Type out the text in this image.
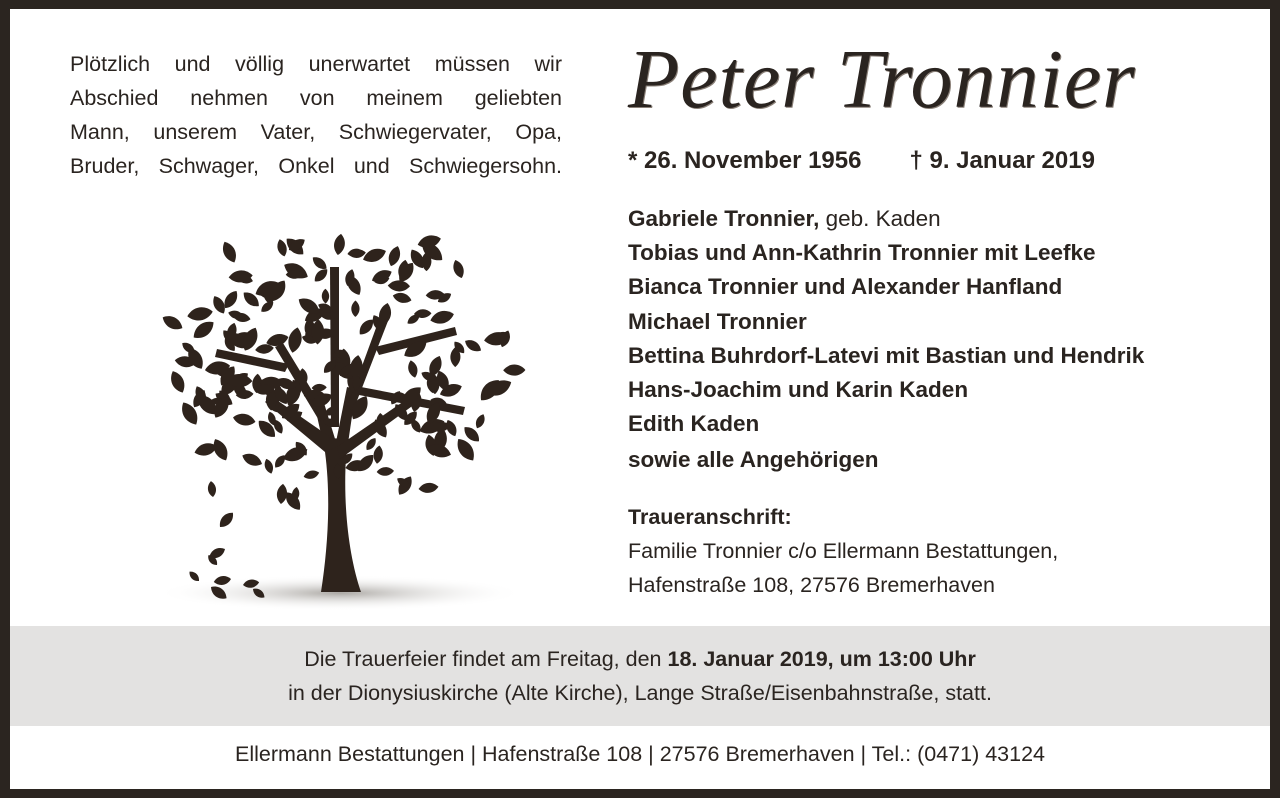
Plötzlich und völlig unerwartet müssen wir
Abschied nehmen von meinem geliebten
Mann, unserem Vater, Schwiegervater, Opa,
Bruder, Schwager, Onkel und Schwiegersohn.
Peter Tronnier
* 26. November 1956 † 9. Januar 2019
Gabriele Tronnier, geb. Kaden
Tobias und Ann-Kathrin Tronnier mit Leefke
Bianca Tronnier und Alexander Hanfland
Michael Tronnier
Bettina Buhrdorf-Latevi mit Bastian und Hendrik
Hans-Joachim und Karin Kaden
Edith Kaden
sowie alle Angehörigen
Traueranschrift:
Familie Tronnier c/o Ellermann Bestattungen,
Hafenstraße 108, 27576 Bremerhaven
Die Trauerfeier findet am Freitag, den 18. Januar 2019, um 13:00 Uhr
in der Dionysiuskirche (Alte Kirche), Lange Straße/Eisenbahnstraße, statt.
Ellermann Bestattungen | Hafenstraße 108 | 27576 Bremerhaven | Tel.: (0471) 43124
